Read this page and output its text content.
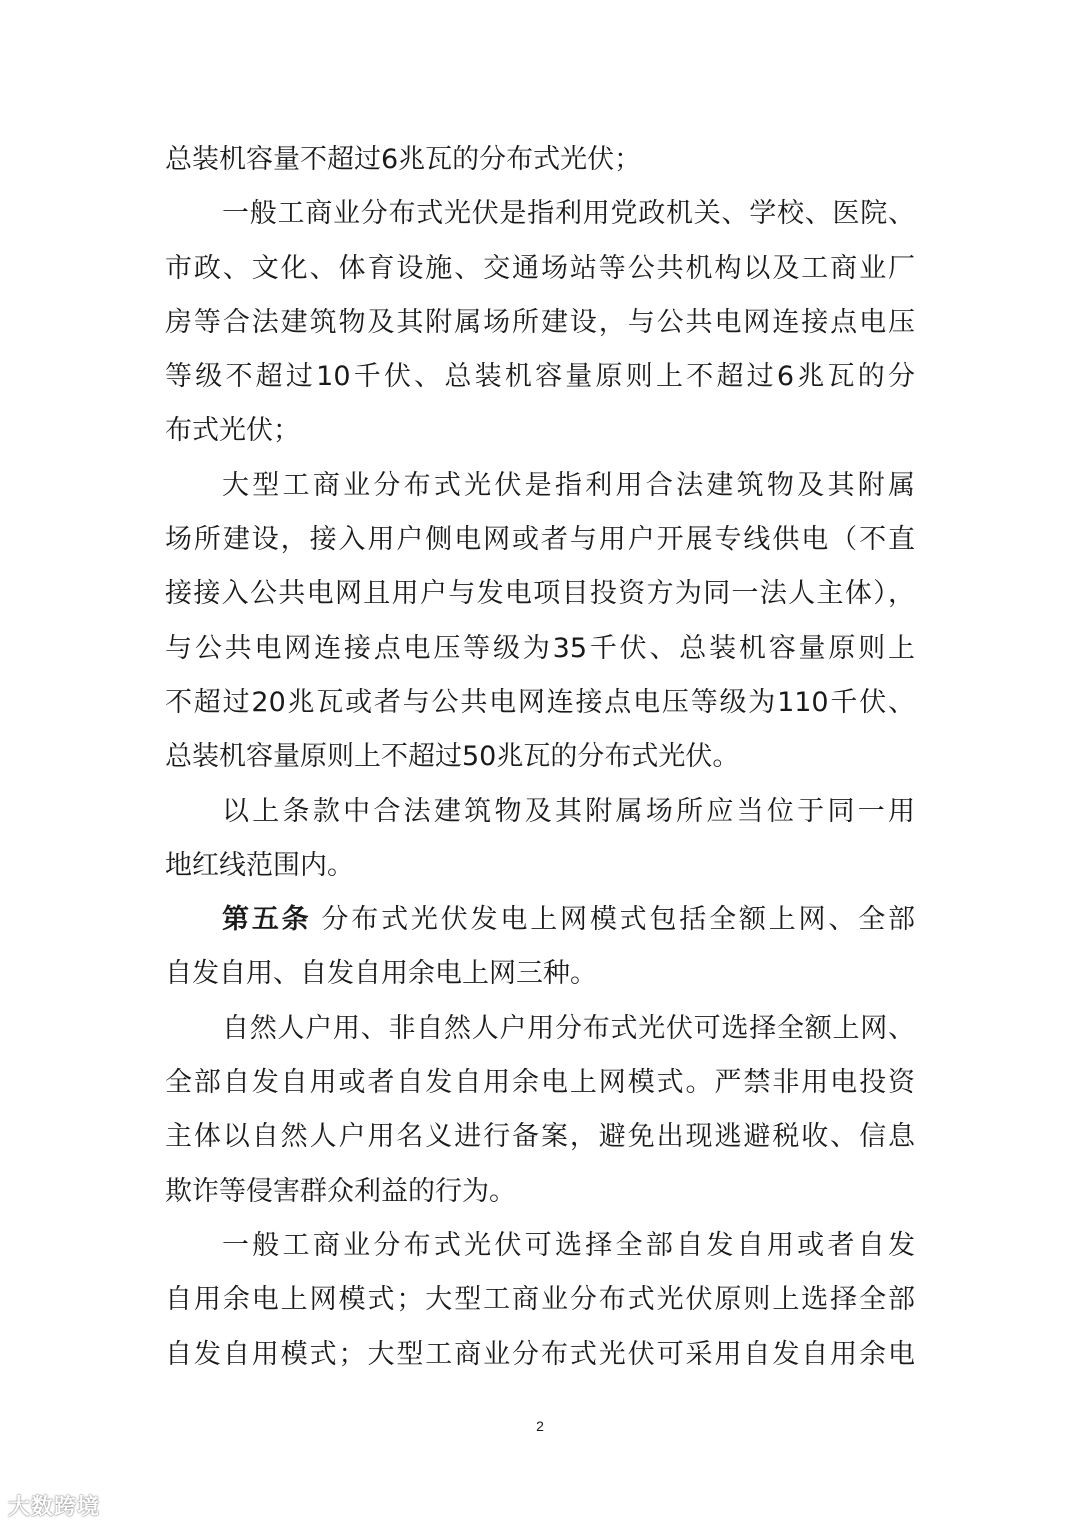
总装机容量不超过6兆瓦的分布式光伏；
一般工商业分布式光伏是指利用党政机关、学校、医院、
市政、文化、体育设施、交通场站等公共机构以及工商业厂
房等合法建筑物及其附属场所建设，与公共电网连接点电压
等级不超过10千伏、总装机容量原则上不超过6兆瓦的分
布式光伏；
大型工商业分布式光伏是指利用合法建筑物及其附属
场所建设，接入用户侧电网或者与用户开展专线供电（不直
接接入公共电网且用户与发电项目投资方为同一法人主体），
与公共电网连接点电压等级为35千伏、总装机容量原则上
不超过20兆瓦或者与公共电网连接点电压等级为110千伏、
总装机容量原则上不超过50兆瓦的分布式光伏。
以上条款中合法建筑物及其附属场所应当位于同一用
地红线范围内。
第五条 分布式光伏发电上网模式包括全额上网、全部
自发自用、自发自用余电上网三种。
自然人户用、非自然人户用分布式光伏可选择全额上网、
全部自发自用或者自发自用余电上网模式。严禁非用电投资
主体以自然人户用名义进行备案，避免出现逃避税收、信息
欺诈等侵害群众利益的行为。
一般工商业分布式光伏可选择全部自发自用或者自发
自用余电上网模式；大型工商业分布式光伏原则上选择全部
自发自用模式；大型工商业分布式光伏可采用自发自用余电
2
大数跨境
